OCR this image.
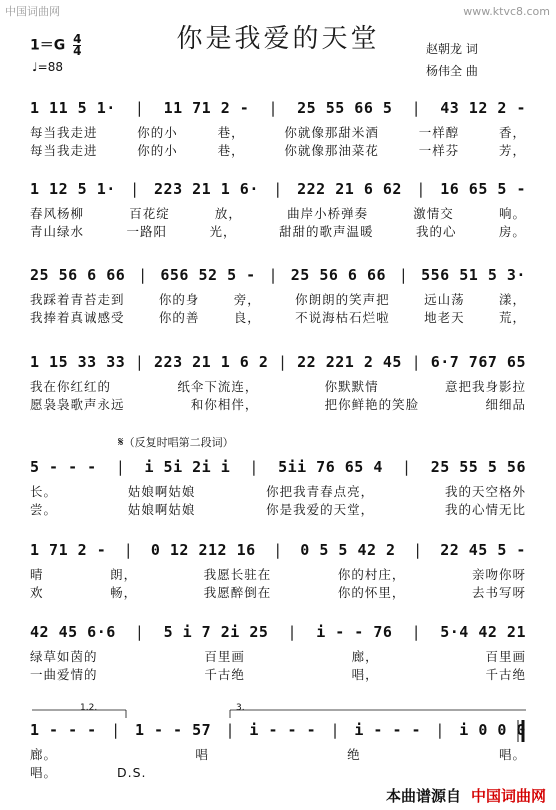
中国词曲网	www.ktvc8.com
你是我爱的天堂
$1=G \frac{4}{4}$
♩=88
赵朝龙 词
杨伟全 曲
1 11 5 1· | 11 71 2 - | 25 55 66 5 | 43 12 2 -
每当我走进	你的小	巷，	你就像那甜米酒	一样醇	香，
每当我走进	你的小	巷，	你就像那油菜花	一样芬	芳，
1 12 5 1· | 223 21 1 6· | 222 21 6 62 | 16 65 5 -
春风杨柳	百花绽	放，	曲岸小桥弹奏	激情交	响。
青山绿水	一路阳	光，	甜甜的歌声温暖	我的心	房。
25 56 6 66 | 656 52 5 - | 25 56 6 66 | 556 51 5 3·
我踩着青苔走到	你的身	旁，	你朗朗的笑声把	远山荡	漾，
我捧着真诚感受	你的善	良，	不说海枯石烂啦	地老天	荒，
1 15 33 33 | 223 21 1 6 2 | 22 221 2 45 | 6·7 767 65
我在你红红的	纸伞下流连，	你默默情	意把我身影拉
愿袅袅歌声永远	和你相伴，	把你鲜艳的笑脸	细细品
5 - - - | i 5i 2i i | 5ii 76 65 4 | 25 55 5 56
长。	姑娘啊姑娘	你把我青春点亮，	我的天空格外
尝。	姑娘啊姑娘	你是我爱的天堂，	我的心情无比
1 71 2 - | 0 12 212 16 | 0 5 5 42 2 | 22 45 5 -
晴	朗，	我愿长驻在	你的村庄，	亲吻你呀
欢	畅，	我愿醉倒在	你的怀里，	去书写呀
42 45 6·6 | 5 i 7 2i 25 | i - - 76 | 5·4 42 21
绿草如茵的	百里画	廊，	百里画
一曲爱情的	千古绝	唱，	千古绝
1 - - - | 1 - - 57 | i - - - | i - - - | i 0 0 0
廊。	唱	绝	唱。
唱。	D.S.
𝄋（反复时唱第二段词）
1.2.	3.
本曲谱源自 中国词曲网
